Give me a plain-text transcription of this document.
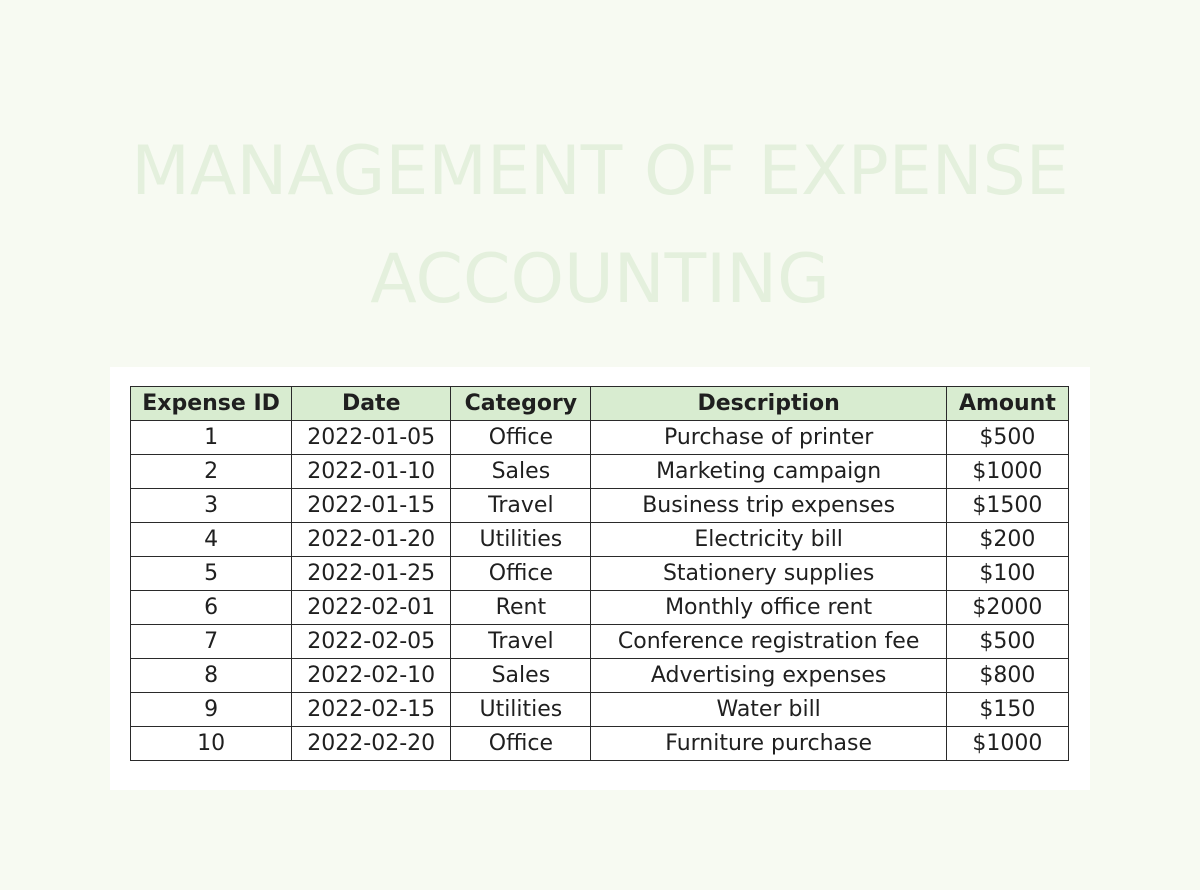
MANAGEMENT OF EXPENSE
ACCOUNTING
Expense ID	Date	Category	Description	Amount
1	2022-01-05	Office	Purchase of printer	$500
2	2022-01-10	Sales	Marketing campaign	$1000
3	2022-01-15	Travel	Business trip expenses	$1500
4	2022-01-20	Utilities	Electricity bill	$200
5	2022-01-25	Office	Stationery supplies	$100
6	2022-02-01	Rent	Monthly office rent	$2000
7	2022-02-05	Travel	Conference registration fee	$500
8	2022-02-10	Sales	Advertising expenses	$800
9	2022-02-15	Utilities	Water bill	$150
10	2022-02-20	Office	Furniture purchase	$1000
